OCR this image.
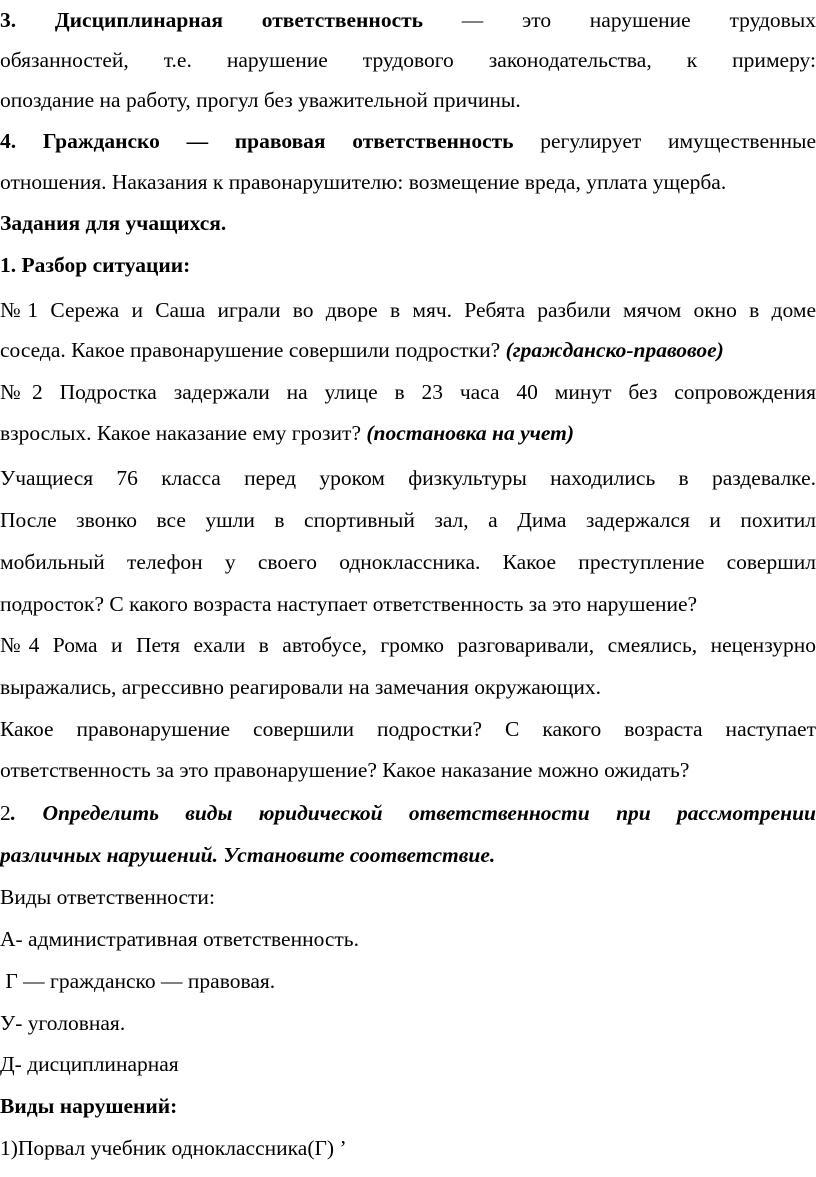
3. Дисциплинарная ответственность — это нарушение трудовых
обязанностей, т.е. нарушение трудового законодательства, к примеру:
опоздание на работу, прогул без уважительной причины.
4. Гражданско — правовая ответственность регулирует имущественные
отношения. Наказания к правонарушителю: возмещение вреда, уплата ущерба.
Задания для учащихся.
1. Разбор ситуации:
№1 Сережа и Саша играли во дворе в мяч. Ребята разбили мячом окно в доме
соседа. Какое правонарушение совершили подростки? (гражданско-правовое)
№2 Подростка задержали на улице в 23 часа 40 минут без сопровождения
взрослых. Какое наказание ему грозит? (постановка на учет)
Учащиеся 76 класса перед уроком физкультуры находились в раздевалке.
После звонко все ушли в спортивный зал, а Дима задержался и похитил
мобильный телефон у своего одноклассника. Какое преступление совершил
подросток? С какого возраста наступает ответственность за это нарушение?
№4 Рома и Петя ехали в автобусе, громко разговаривали, смеялись, нецензурно
выражались, агрессивно реагировали на замечания окружающих.
Какое правонарушение совершили подростки? С какого возраста наступает
ответственность за это правонарушение? Какое наказание можно ожидать?
2. Определить виды юридической ответственности при рассмотрении
различных нарушений. Установите соответствие.
Виды ответственности:
А- административная ответственность.
Г — гражданско — правовая.
У- уголовная.
Д- дисциплинарная
Виды нарушений:
1)Порвал учебник одноклассника(Г) ’
